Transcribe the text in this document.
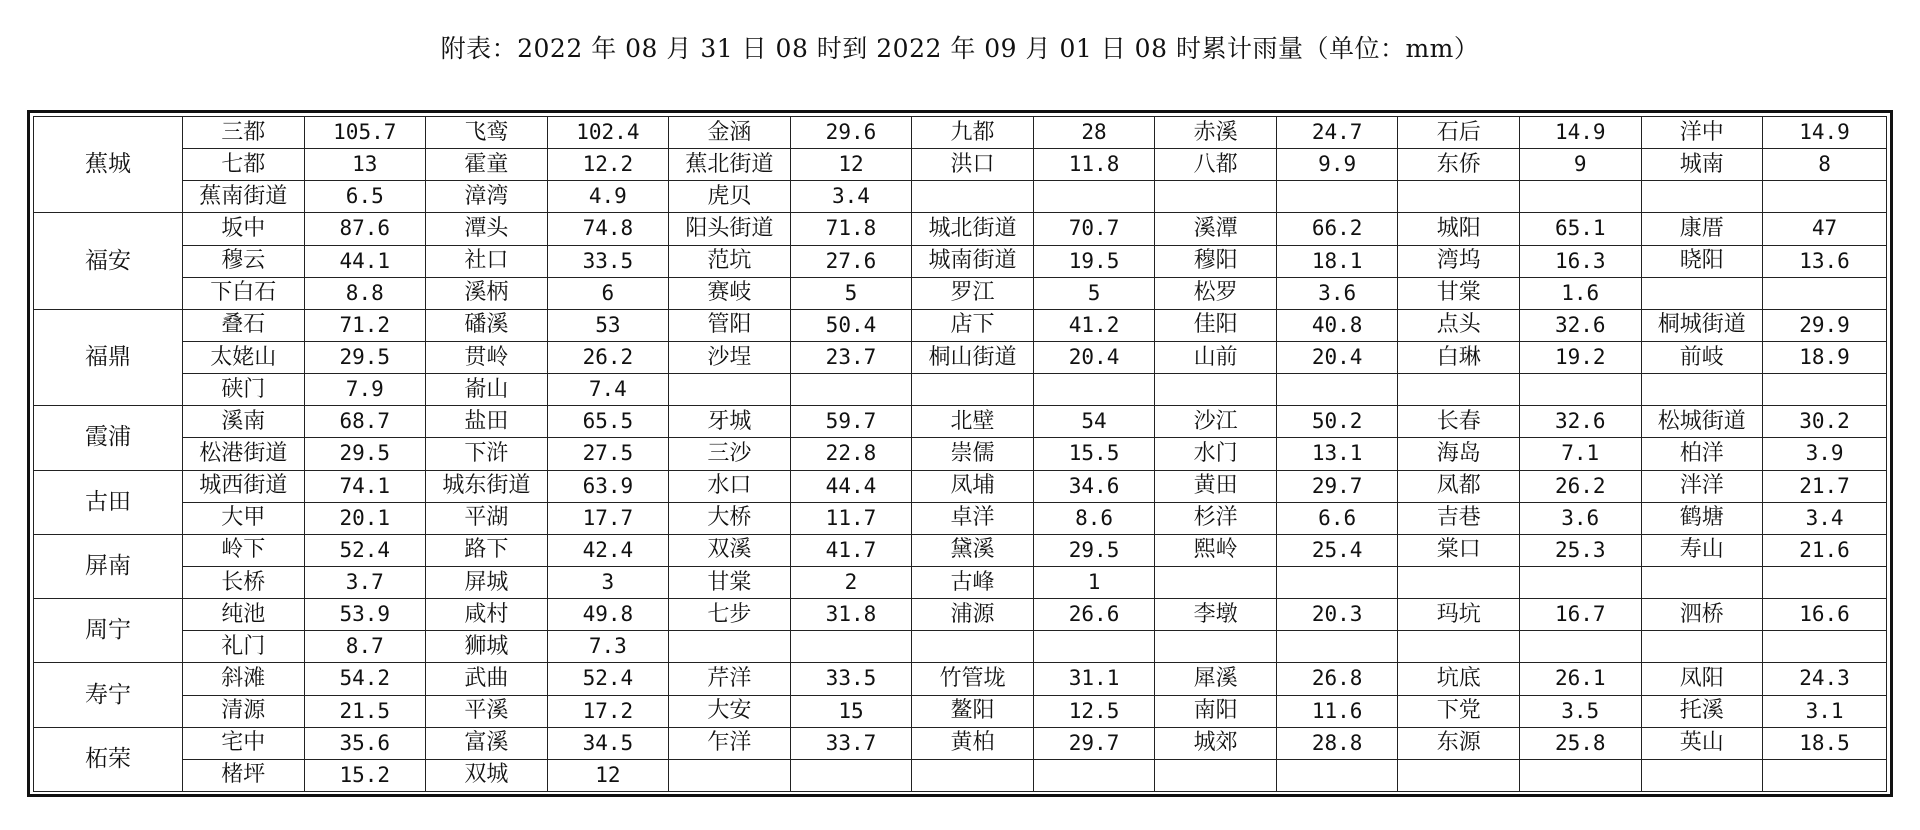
附表：2022 年 08 月 31 日 08 时到 2022 年 09 月 01 日 08 时累计雨量（单位：mm）
蕉城	三都	105.7	飞鸾	102.4	金涵	29.6	九都	28	赤溪	24.7	石后	14.9	洋中	14.9
	七都	13	霍童	12.2	蕉北街道	12	洪口	11.8	八都	9.9	东侨	9	城南	8
	蕉南街道	6.5	漳湾	4.9	虎贝	3.4								
福安	坂中	87.6	潭头	74.8	阳头街道	71.8	城北街道	70.7	溪潭	66.2	城阳	65.1	康厝	47
	穆云	44.1	社口	33.5	范坑	27.6	城南街道	19.5	穆阳	18.1	湾坞	16.3	晓阳	13.6
	下白石	8.8	溪柄	6	赛岐	5	罗江	5	松罗	3.6	甘棠	1.6		
福鼎	叠石	71.2	磻溪	53	管阳	50.4	店下	41.2	佳阳	40.8	点头	32.6	桐城街道	29.9
	太姥山	29.5	贯岭	26.2	沙埕	23.7	桐山街道	20.4	山前	20.4	白琳	19.2	前岐	18.9
	硖门	7.9	嵛山	7.4										
霞浦	溪南	68.7	盐田	65.5	牙城	59.7	北壁	54	沙江	50.2	长春	32.6	松城街道	30.2
	松港街道	29.5	下浒	27.5	三沙	22.8	崇儒	15.5	水门	13.1	海岛	7.1	柏洋	3.9
古田	城西街道	74.1	城东街道	63.9	水口	44.4	凤埔	34.6	黄田	29.7	凤都	26.2	泮洋	21.7
	大甲	20.1	平湖	17.7	大桥	11.7	卓洋	8.6	杉洋	6.6	吉巷	3.6	鹤塘	3.4
屏南	岭下	52.4	路下	42.4	双溪	41.7	黛溪	29.5	熙岭	25.4	棠口	25.3	寿山	21.6
	长桥	3.7	屏城	3	甘棠	2	古峰	1						
周宁	纯池	53.9	咸村	49.8	七步	31.8	浦源	26.6	李墩	20.3	玛坑	16.7	泗桥	16.6
	礼门	8.7	狮城	7.3										
寿宁	斜滩	54.2	武曲	52.4	芹洋	33.5	竹管垅	31.1	犀溪	26.8	坑底	26.1	凤阳	24.3
	清源	21.5	平溪	17.2	大安	15	鳌阳	12.5	南阳	11.6	下党	3.5	托溪	3.1
柘荣	宅中	35.6	富溪	34.5	乍洋	33.7	黄柏	29.7	城郊	28.8	东源	25.8	英山	18.5
	楮坪	15.2	双城	12										
